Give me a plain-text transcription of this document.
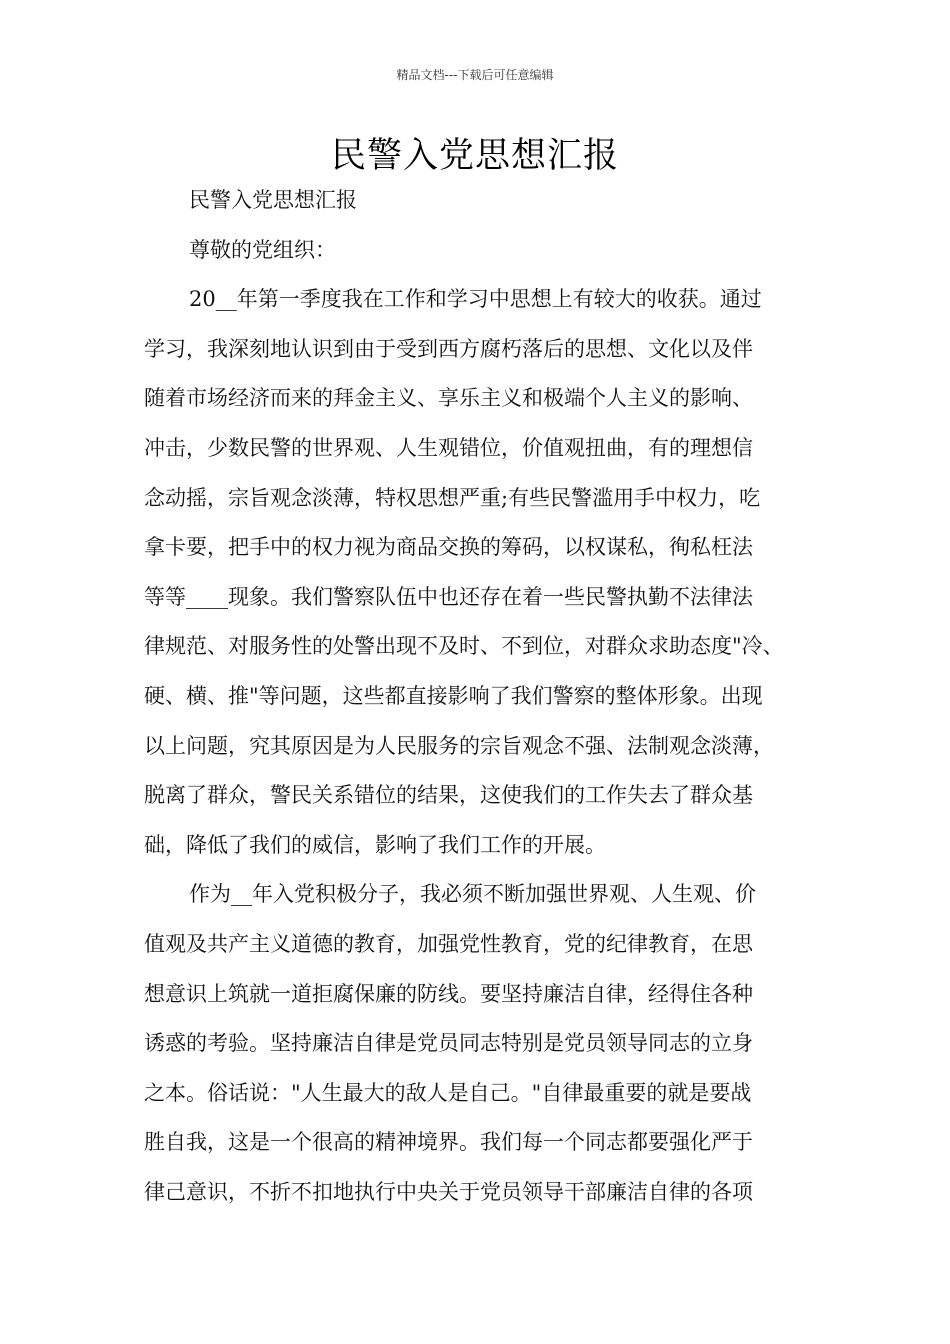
精品文档---下载后可任意编辑
民警入党思想汇报
民警入党思想汇报
尊敬的党组织：
20__年第一季度我在工作和学习中思想上有较大的收获。通过
学习，我深刻地认识到由于受到西方腐朽落后的思想、文化以及伴
随着市场经济而来的拜金主义、享乐主义和极端个人主义的影响、
冲击，少数民警的世界观、人生观错位，价值观扭曲，有的理想信
念动摇，宗旨观念淡薄，特权思想严重;有些民警滥用手中权力，吃
拿卡要，把手中的权力视为商品交换的筹码，以权谋私，徇私枉法
等等____现象。我们警察队伍中也还存在着一些民警执勤不法律法
律规范、对服务性的处警出现不及时、不到位，对群众求助态度"冷、
硬、横、推"等问题，这些都直接影响了我们警察的整体形象。出现
以上问题，究其原因是为人民服务的宗旨观念不强、法制观念淡薄，
脱离了群众，警民关系错位的结果，这使我们的工作失去了群众基
础，降低了我们的威信，影响了我们工作的开展。
作为__年入党积极分子，我必须不断加强世界观、人生观、价
值观及共产主义道德的教育，加强党性教育，党的纪律教育，在思
想意识上筑就一道拒腐保廉的防线。要坚持廉洁自律，经得住各种
诱惑的考验。坚持廉洁自律是党员同志特别是党员领导同志的立身
之本。俗话说："人生最大的敌人是自己。"自律最重要的就是要战
胜自我，这是一个很高的精神境界。我们每一个同志都要强化严于
律己意识，不折不扣地执行中央关于党员领导干部廉洁自律的各项
